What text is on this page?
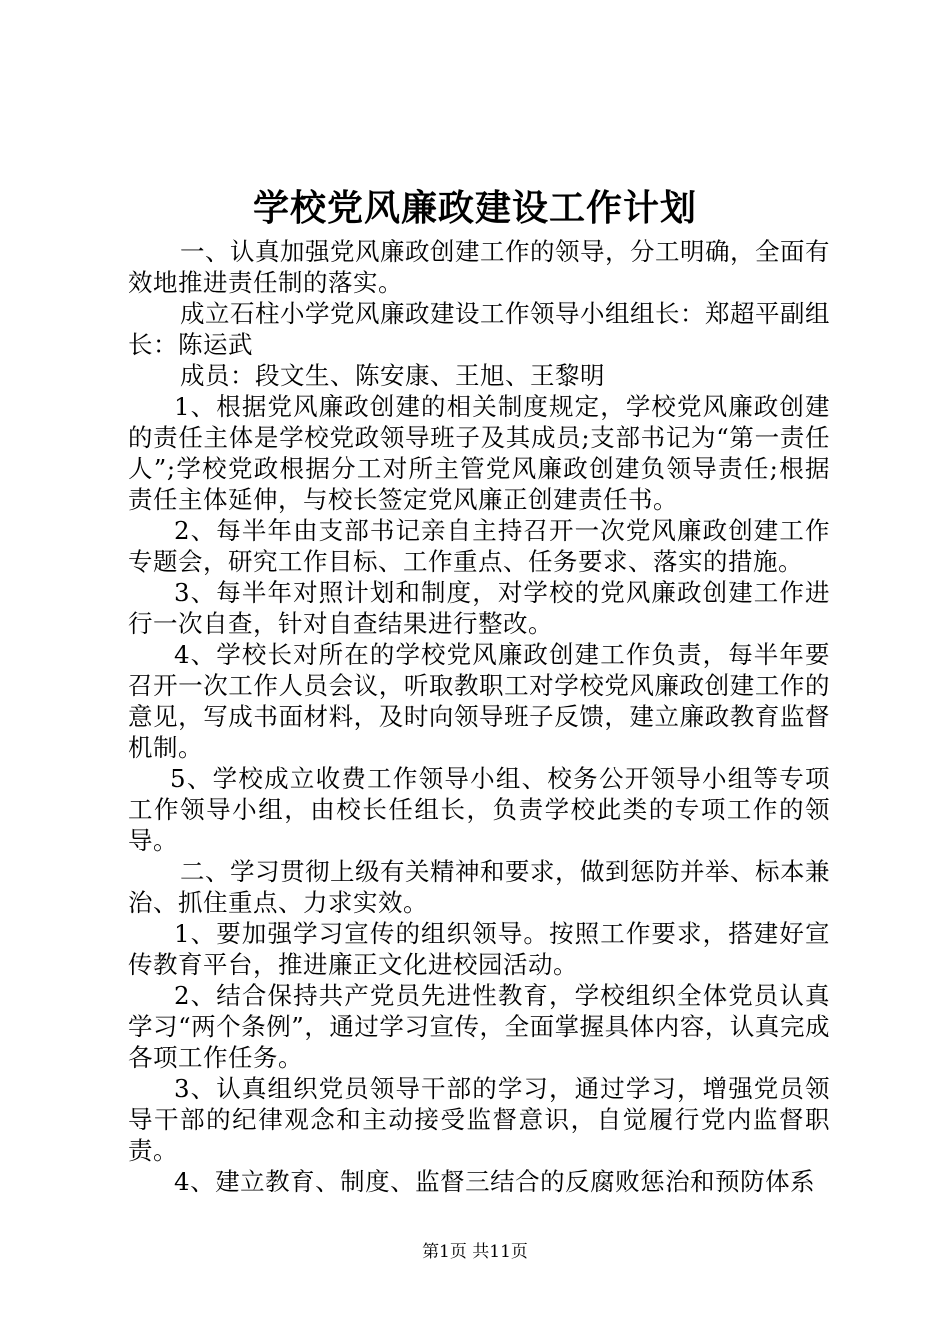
学校党风廉政建设工作计划

一、认真加强党风廉政创建工作的领导，分工明确，全面有效地推进责任制的落实。

成立石柱小学党风廉政建设工作领导小组组长：郑超平副组长：陈运武

成员：段文生、陈安康、王旭、王黎明

1、根据党风廉政创建的相关制度规定，学校党风廉政创建的责任主体是学校党政领导班子及其成员;支部书记为“第一责任人”;学校党政根据分工对所主管党风廉政创建负领导责任;根据责任主体延伸，与校长签定党风廉正创建责任书。

2、每半年由支部书记亲自主持召开一次党风廉政创建工作专题会，研究工作目标、工作重点、任务要求、落实的措施。

3、每半年对照计划和制度，对学校的党风廉政创建工作进行一次自查，针对自查结果进行整改。

4、学校长对所在的学校党风廉政创建工作负责，每半年要召开一次工作人员会议，听取教职工对学校党风廉政创建工作的意见，写成书面材料，及时向领导班子反馈，建立廉政教育监督机制。

5、学校成立收费工作领导小组、校务公开领导小组等专项工作领导小组，由校长任组长，负责学校此类的专项工作的领导。

二、学习贯彻上级有关精神和要求，做到惩防并举、标本兼治、抓住重点、力求实效。

1、要加强学习宣传的组织领导。按照工作要求，搭建好宣传教育平台，推进廉正文化进校园活动。

2、结合保持共产党员先进性教育，学校组织全体党员认真学习“两个条例”，通过学习宣传，全面掌握具体内容，认真完成各项工作任务。

3、认真组织党员领导干部的学习，通过学习，增强党员领导干部的纪律观念和主动接受监督意识，自觉履行党内监督职责。

4、建立教育、制度、监督三结合的反腐败惩治和预防体系

第1页 共11页
